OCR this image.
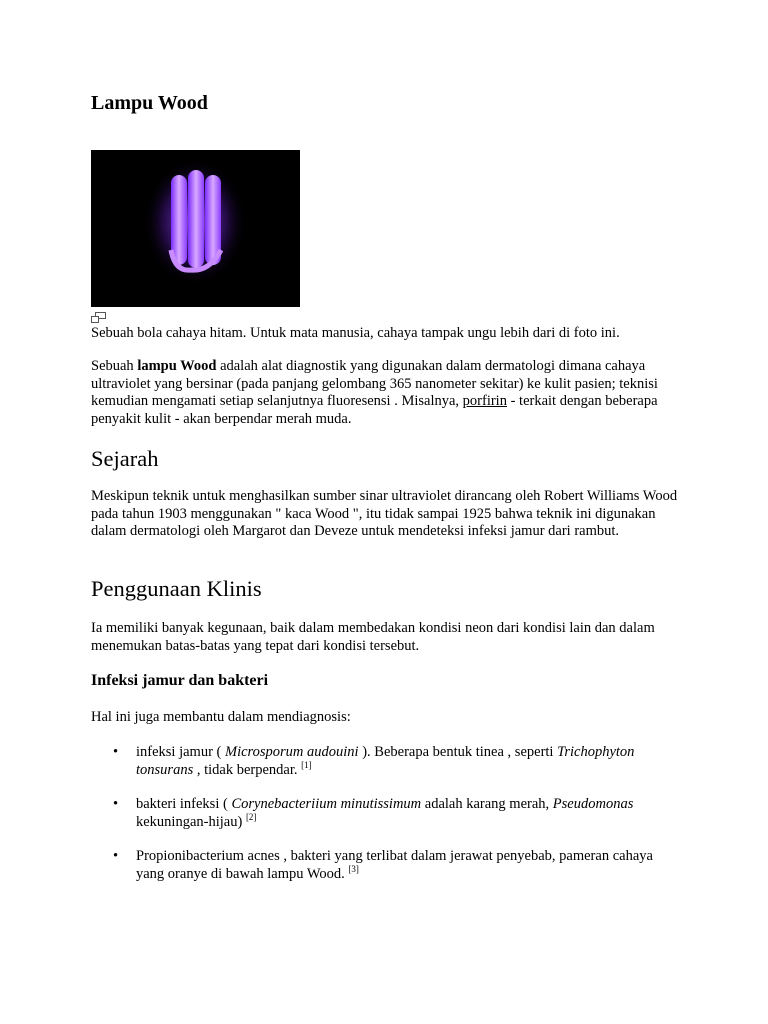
Lampu Wood

Sebuah bola cahaya hitam. Untuk mata manusia, cahaya tampak ungu lebih dari di foto ini.

Sebuah lampu Wood adalah alat diagnostik yang digunakan dalam dermatologi dimana cahaya ultraviolet yang bersinar (pada panjang gelombang 365 nanometer sekitar) ke kulit pasien; teknisi kemudian mengamati setiap selanjutnya fluoresensi . Misalnya, porfirin - terkait dengan beberapa penyakit kulit - akan berpendar merah muda.

Sejarah

Meskipun teknik untuk menghasilkan sumber sinar ultraviolet dirancang oleh Robert Williams Wood pada tahun 1903 menggunakan " kaca Wood ", itu tidak sampai 1925 bahwa teknik ini digunakan dalam dermatologi oleh Margarot dan Deveze untuk mendeteksi infeksi jamur dari rambut.

Penggunaan Klinis

Ia memiliki banyak kegunaan, baik dalam membedakan kondisi neon dari kondisi lain dan dalam menemukan batas-batas yang tepat dari kondisi tersebut.

Infeksi jamur dan bakteri

Hal ini juga membantu dalam mendiagnosis:

• infeksi jamur ( Microsporum audouini ). Beberapa bentuk tinea , seperti Trichophyton tonsurans , tidak berpendar. [1]
• bakteri infeksi ( Corynebacteriium minutissimum adalah karang merah, Pseudomonas kekuningan-hijau) [2]
• Propionibacterium acnes , bakteri yang terlibat dalam jerawat penyebab, pameran cahaya yang oranye di bawah lampu Wood. [3]
